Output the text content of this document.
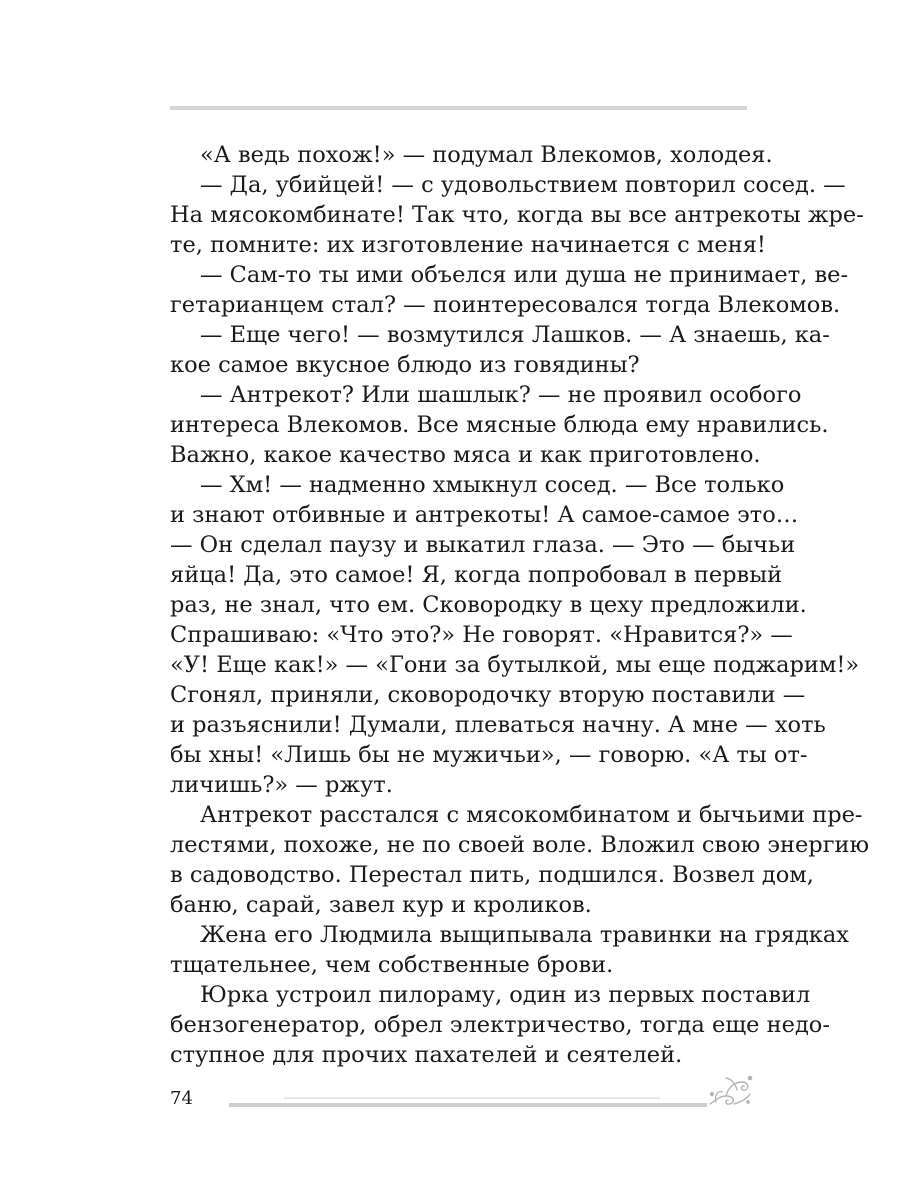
«А ведь похож!» — подумал Влекомов, холодея.
— Да, убийцей! — с удовольствием повторил сосед. —
На мясокомбинате! Так что, когда вы все антрекоты жре-
те, помните: их изготовление начинается с меня!
— Сам-то ты ими объелся или душа не принимает, ве-
гетарианцем стал? — поинтересовался тогда Влекомов.
— Еще чего! — возмутился Лашков. — А знаешь, ка-
кое самое вкусное блюдо из говядины?
— Антрекот? Или шашлык? — не проявил особого
интереса Влекомов. Все мясные блюда ему нравились.
Важно, какое качество мяса и как приготовлено.
— Хм! — надменно хмыкнул сосед. — Все только
и знают отбивные и антрекоты! А самое-самое это…
— Он сделал паузу и выкатил глаза. — Это — бычьи
яйца! Да, это самое! Я, когда попробовал в первый
раз, не знал, что ем. Сковородку в цеху предложили.
Спрашиваю: «Что это?» Не говорят. «Нравится?» —
«У! Еще как!» — «Гони за бутылкой, мы еще поджарим!»
Сгонял, приняли, сковородочку вторую поставили —
и разъяснили! Думали, плеваться начну. А мне — хоть
бы хны! «Лишь бы не мужичьи», — говорю. «А ты от-
личишь?» — ржут.
Антрекот расстался с мясокомбинатом и бычьими пре-
лестями, похоже, не по своей воле. Вложил свою энергию
в садоводство. Перестал пить, подшился. Возвел дом,
баню, сарай, завел кур и кроликов.
Жена его Людмила выщипывала травинки на грядках
тщательнее, чем собственные брови.
Юрка устроил пилораму, один из первых поставил
бензогенератор, обрел электричество, тогда еще недо-
ступное для прочих пахателей и сеятелей.
74
